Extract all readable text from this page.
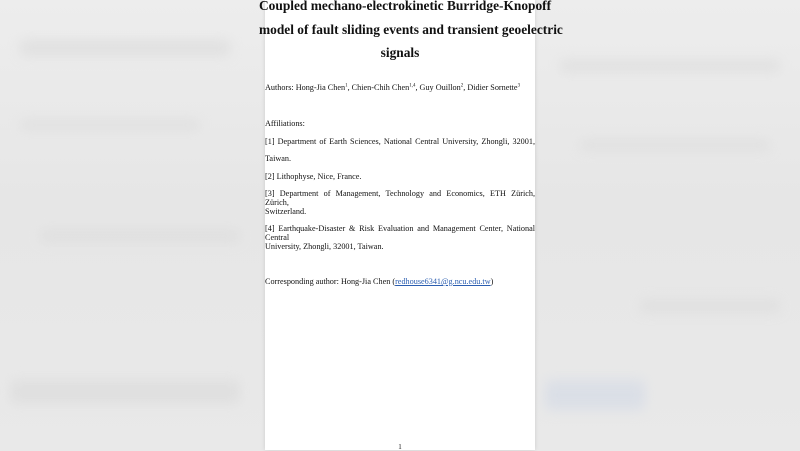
Coupled mechano-electrokinetic Burridge-Knopoff
model of fault sliding events and transient geoelectric
signals
Authors: Hong-Jia Chen$^1$, Chien-Chih Chen$^{1,4}$, Guy Ouillon$^2$, Didier Sornette$^3$
Affiliations:
[1] Department of Earth Sciences, National Central University, Zhongli, 32001,
Taiwan.
[2] Lithophyse, Nice, France.
[3] Department of Management, Technology and Economics, ETH Zürich, Zürich,
Switzerland.
[4] Earthquake-Disaster & Risk Evaluation and Management Center, National Central
University, Zhongli, 32001, Taiwan.
Corresponding author: Hong-Jia Chen (redhouse6341@g.ncu.edu.tw)
1
